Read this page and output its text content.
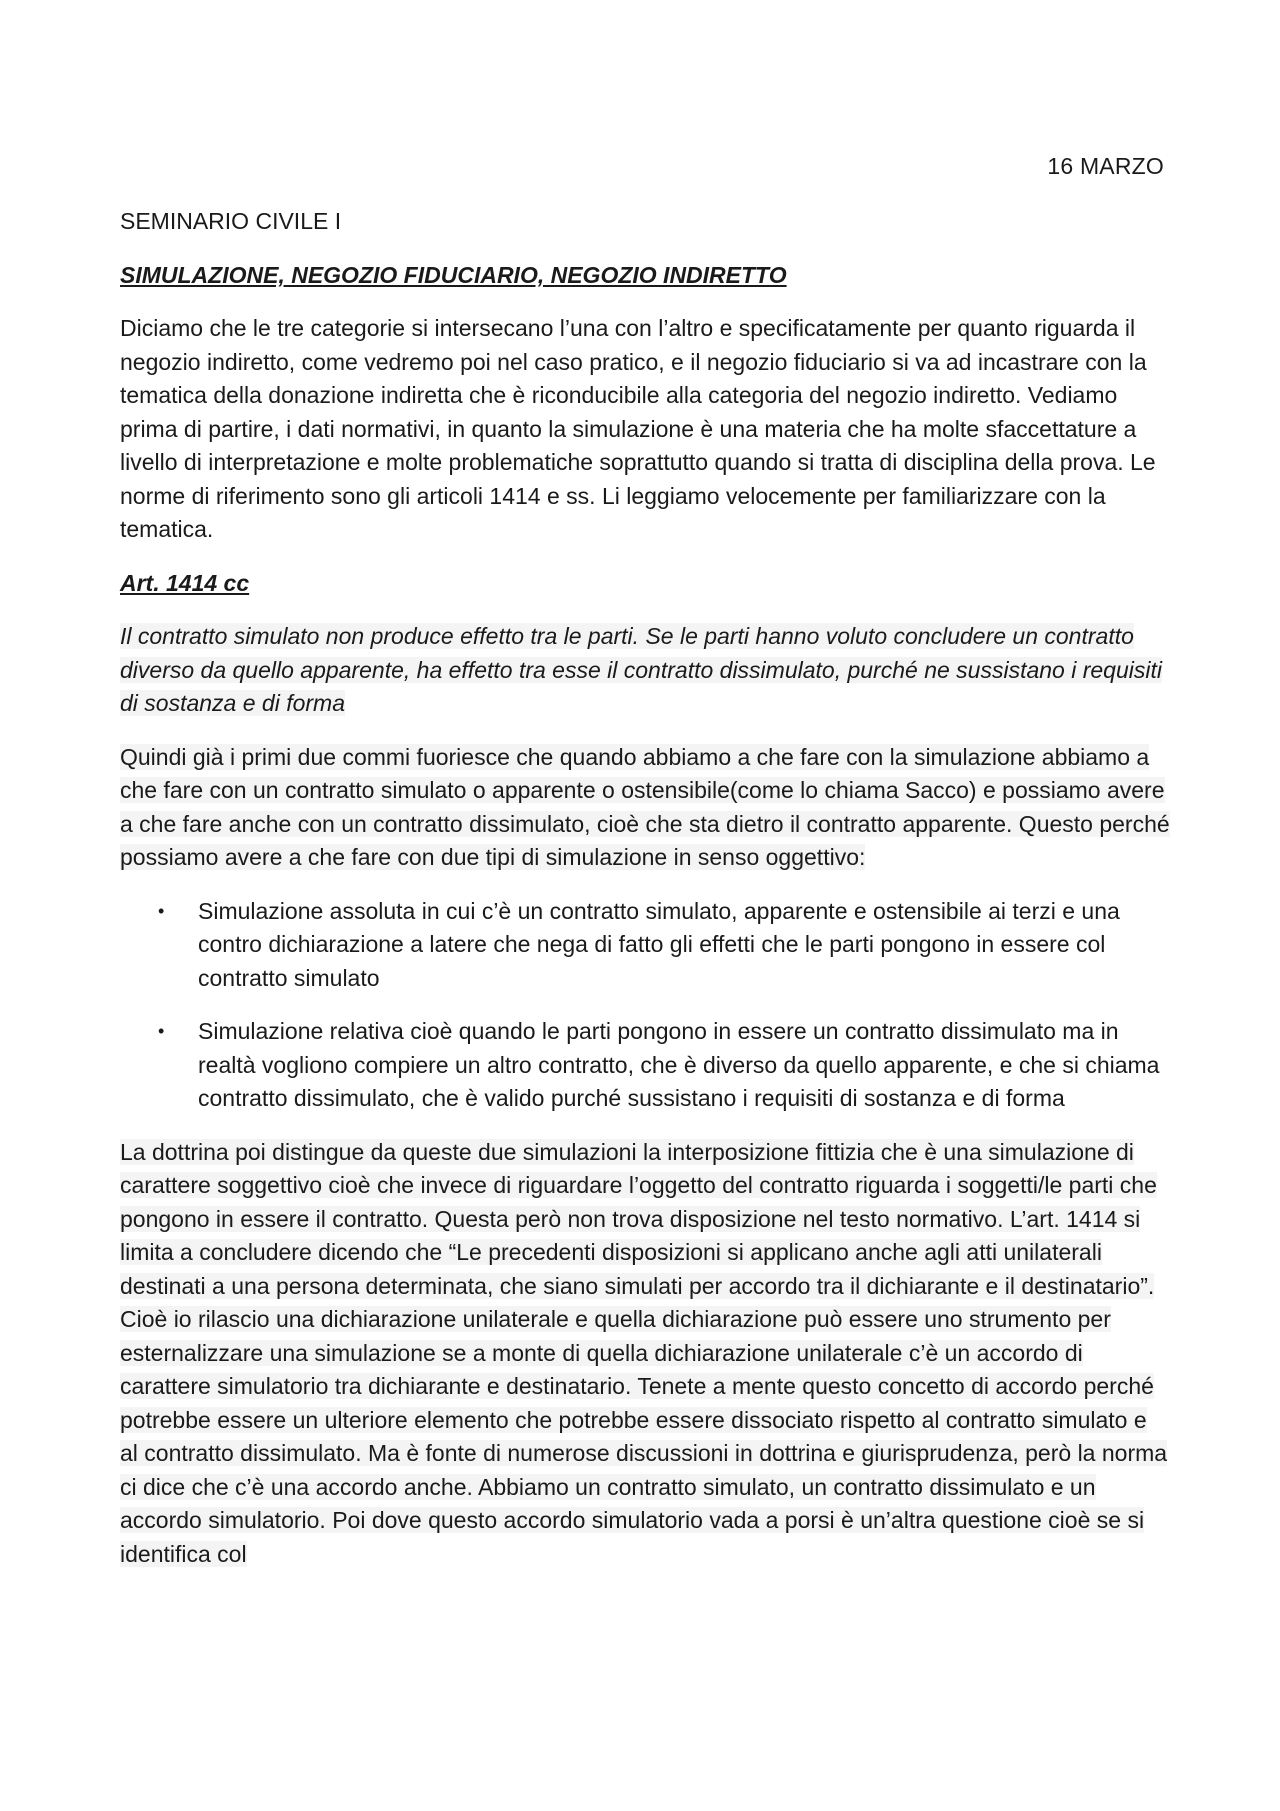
16 MARZO
SEMINARIO CIVILE I
SIMULAZIONE, NEGOZIO FIDUCIARIO, NEGOZIO INDIRETTO

Diciamo che le tre categorie si intersecano l’una con l’altro e specificatamente per quanto riguarda il negozio indiretto, come vedremo poi nel caso pratico, e il negozio fiduciario si va ad incastrare con la tematica della donazione indiretta che è riconducibile alla categoria del negozio indiretto. Vediamo prima di partire, i dati normativi, in quanto la simulazione è una materia che ha molte sfaccettature a livello di interpretazione e molte problematiche soprattutto quando si tratta di disciplina della prova. Le norme di riferimento sono gli articoli 1414 e ss. Li leggiamo velocemente per familiarizzare con la tematica.

Art. 1414 cc

Il contratto simulato non produce effetto tra le parti. Se le parti hanno voluto concludere un contratto diverso da quello apparente, ha effetto tra esse il contratto dissimulato, purché ne sussistano i requisiti di sostanza e di forma

Quindi già i primi due commi fuoriesce che quando abbiamo a che fare con la simulazione abbiamo a che fare con un contratto simulato o apparente o ostensibile(come lo chiama Sacco) e possiamo avere a che fare anche con un contratto dissimulato, cioè che sta dietro il contratto apparente. Questo perché possiamo avere a che fare con due tipi di simulazione in senso oggettivo:

• Simulazione assoluta in cui c’è un contratto simulato, apparente e ostensibile ai terzi e una contro dichiarazione a latere che nega di fatto gli effetti che le parti pongono in essere col contratto simulato
• Simulazione relativa cioè quando le parti pongono in essere un contratto dissimulato ma in realtà vogliono compiere un altro contratto, che è diverso da quello apparente, e che si chiama contratto dissimulato, che è valido purché sussistano i requisiti di sostanza e di forma

La dottrina poi distingue da queste due simulazioni la interposizione fittizia che è una simulazione di carattere soggettivo cioè che invece di riguardare l’oggetto del contratto riguarda i soggetti/le parti che pongono in essere il contratto. Questa però non trova disposizione nel testo normativo. L’art. 1414 si limita a concludere dicendo che “Le precedenti disposizioni si applicano anche agli atti unilaterali destinati a una persona determinata, che siano simulati per accordo tra il dichiarante e il destinatario”. Cioè io rilascio una dichiarazione unilaterale e quella dichiarazione può essere uno strumento per esternalizzare una simulazione se a monte di quella dichiarazione unilaterale c’è un accordo di carattere simulatorio tra dichiarante e destinatario. Tenete a mente questo concetto di accordo perché potrebbe essere un ulteriore elemento che potrebbe essere dissociato rispetto al contratto simulato e al contratto dissimulato. Ma è fonte di numerose discussioni in dottrina e giurisprudenza, però la norma ci dice che c’è una accordo anche. Abbiamo un contratto simulato, un contratto dissimulato e un accordo simulatorio. Poi dove questo accordo simulatorio vada a porsi è un’altra questione cioè se si identifica col
